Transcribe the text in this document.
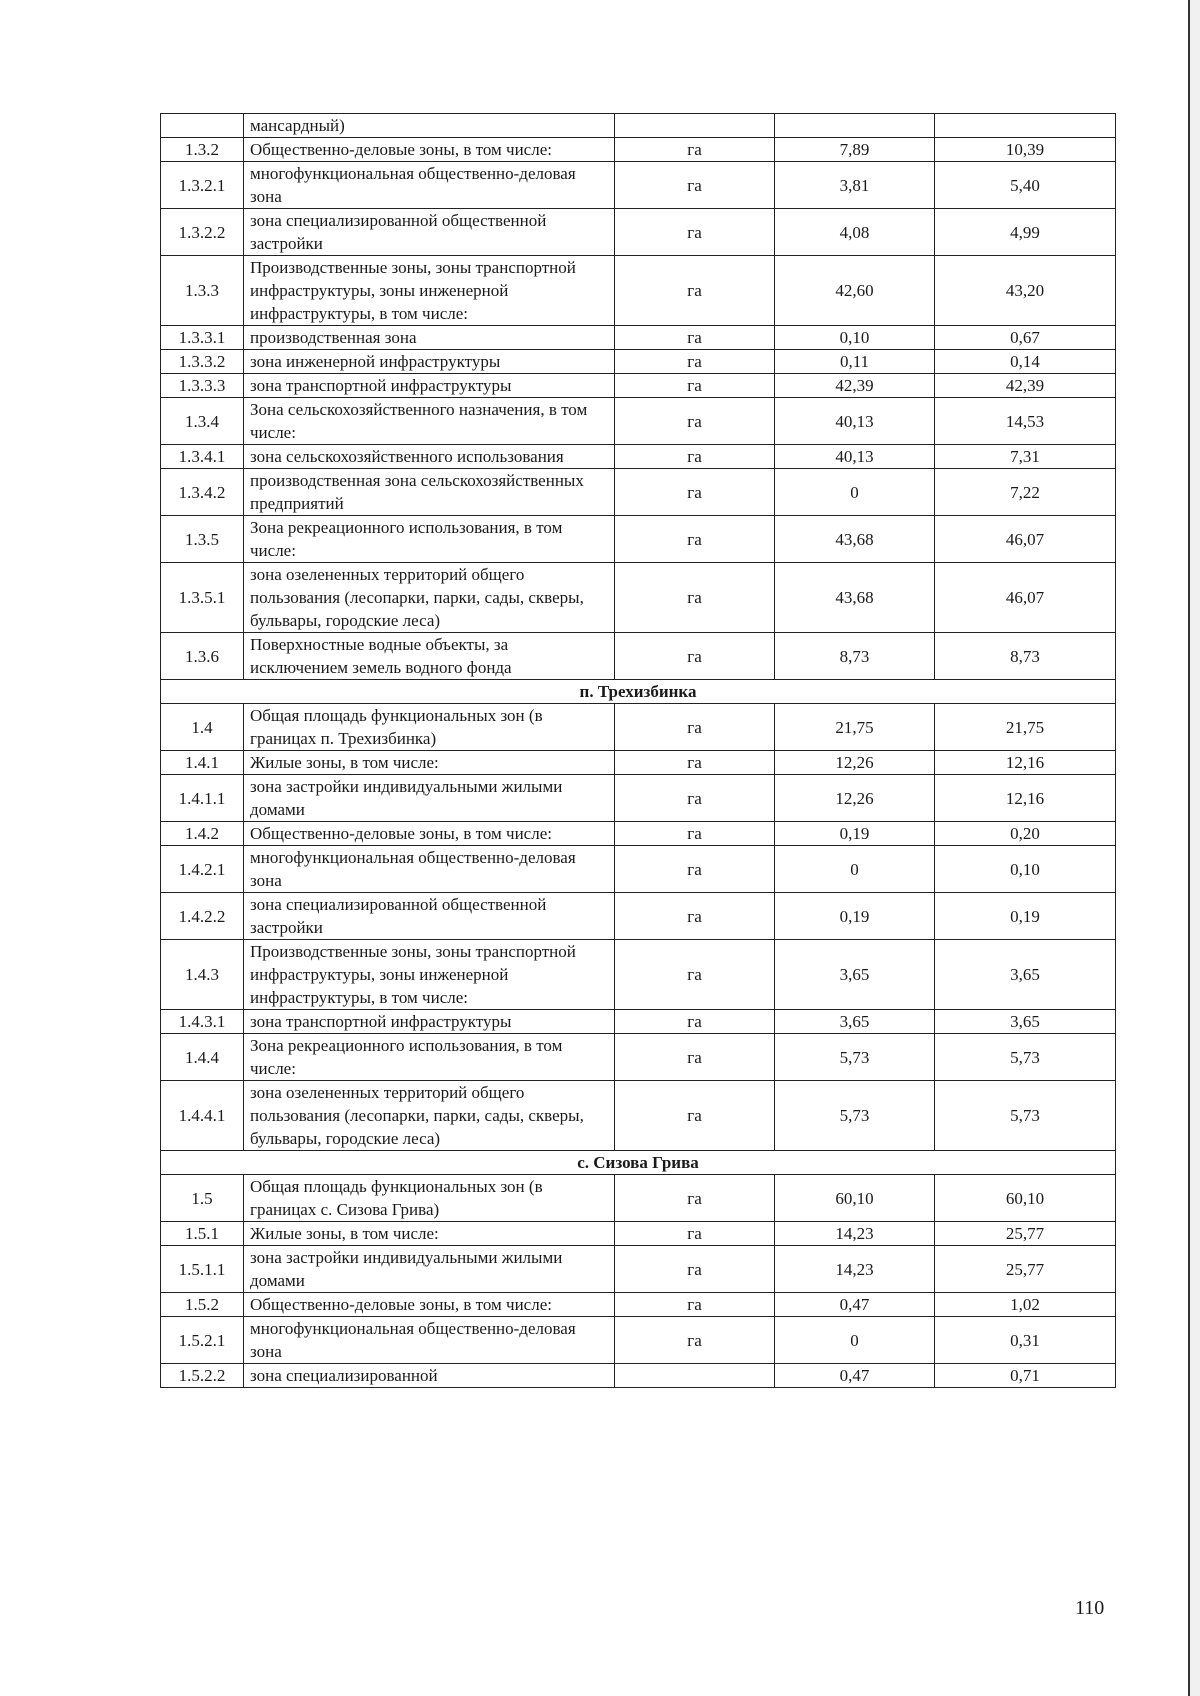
	мансардный)			
1.3.2	Общественно-деловые зоны, в том числе:	га	7,89	10,39
1.3.2.1	многофункциональная общественно-деловая зона	га	3,81	5,40
1.3.2.2	зона специализированной общественной застройки	га	4,08	4,99
1.3.3	Производственные зоны, зоны транспортной инфраструктуры, зоны инженерной инфраструктуры, в том числе:	га	42,60	43,20
1.3.3.1	производственная зона	га	0,10	0,67
1.3.3.2	зона инженерной инфраструктуры	га	0,11	0,14
1.3.3.3	зона транспортной инфраструктуры	га	42,39	42,39
1.3.4	Зона сельскохозяйственного назначения, в том числе:	га	40,13	14,53
1.3.4.1	зона сельскохозяйственного использования	га	40,13	7,31
1.3.4.2	производственная зона сельскохозяйственных предприятий	га	0	7,22
1.3.5	Зона рекреационного использования, в том числе:	га	43,68	46,07
1.3.5.1	зона озелененных территорий общего пользования (лесопарки, парки, сады, скверы, бульвары, городские леса)	га	43,68	46,07
1.3.6	Поверхностные водные объекты, за исключением земель водного фонда	га	8,73	8,73
п. Трехизбинка				
1.4	Общая площадь функциональных зон (в границах п. Трехизбинка)	га	21,75	21,75
1.4.1	Жилые зоны, в том числе:	га	12,26	12,16
1.4.1.1	зона застройки индивидуальными жилыми домами	га	12,26	12,16
1.4.2	Общественно-деловые зоны, в том числе:	га	0,19	0,20
1.4.2.1	многофункциональная общественно-деловая зона	га	0	0,10
1.4.2.2	зона специализированной общественной застройки	га	0,19	0,19
1.4.3	Производственные зоны, зоны транспортной инфраструктуры, зоны инженерной инфраструктуры, в том числе:	га	3,65	3,65
1.4.3.1	зона транспортной инфраструктуры	га	3,65	3,65
1.4.4	Зона рекреационного использования, в том числе:	га	5,73	5,73
1.4.4.1	зона озелененных территорий общего пользования (лесопарки, парки, сады, скверы, бульвары, городские леса)	га	5,73	5,73
с. Сизова Грива				
1.5	Общая площадь функциональных зон (в границах с. Сизова Грива)	га	60,10	60,10
1.5.1	Жилые зоны, в том числе:	га	14,23	25,77
1.5.1.1	зона застройки индивидуальными жилыми домами	га	14,23	25,77
1.5.2	Общественно-деловые зоны, в том числе:	га	0,47	1,02
1.5.2.1	многофункциональная общественно-деловая зона	га	0	0,31
1.5.2.2	зона специализированной		0,47	0,71
110
